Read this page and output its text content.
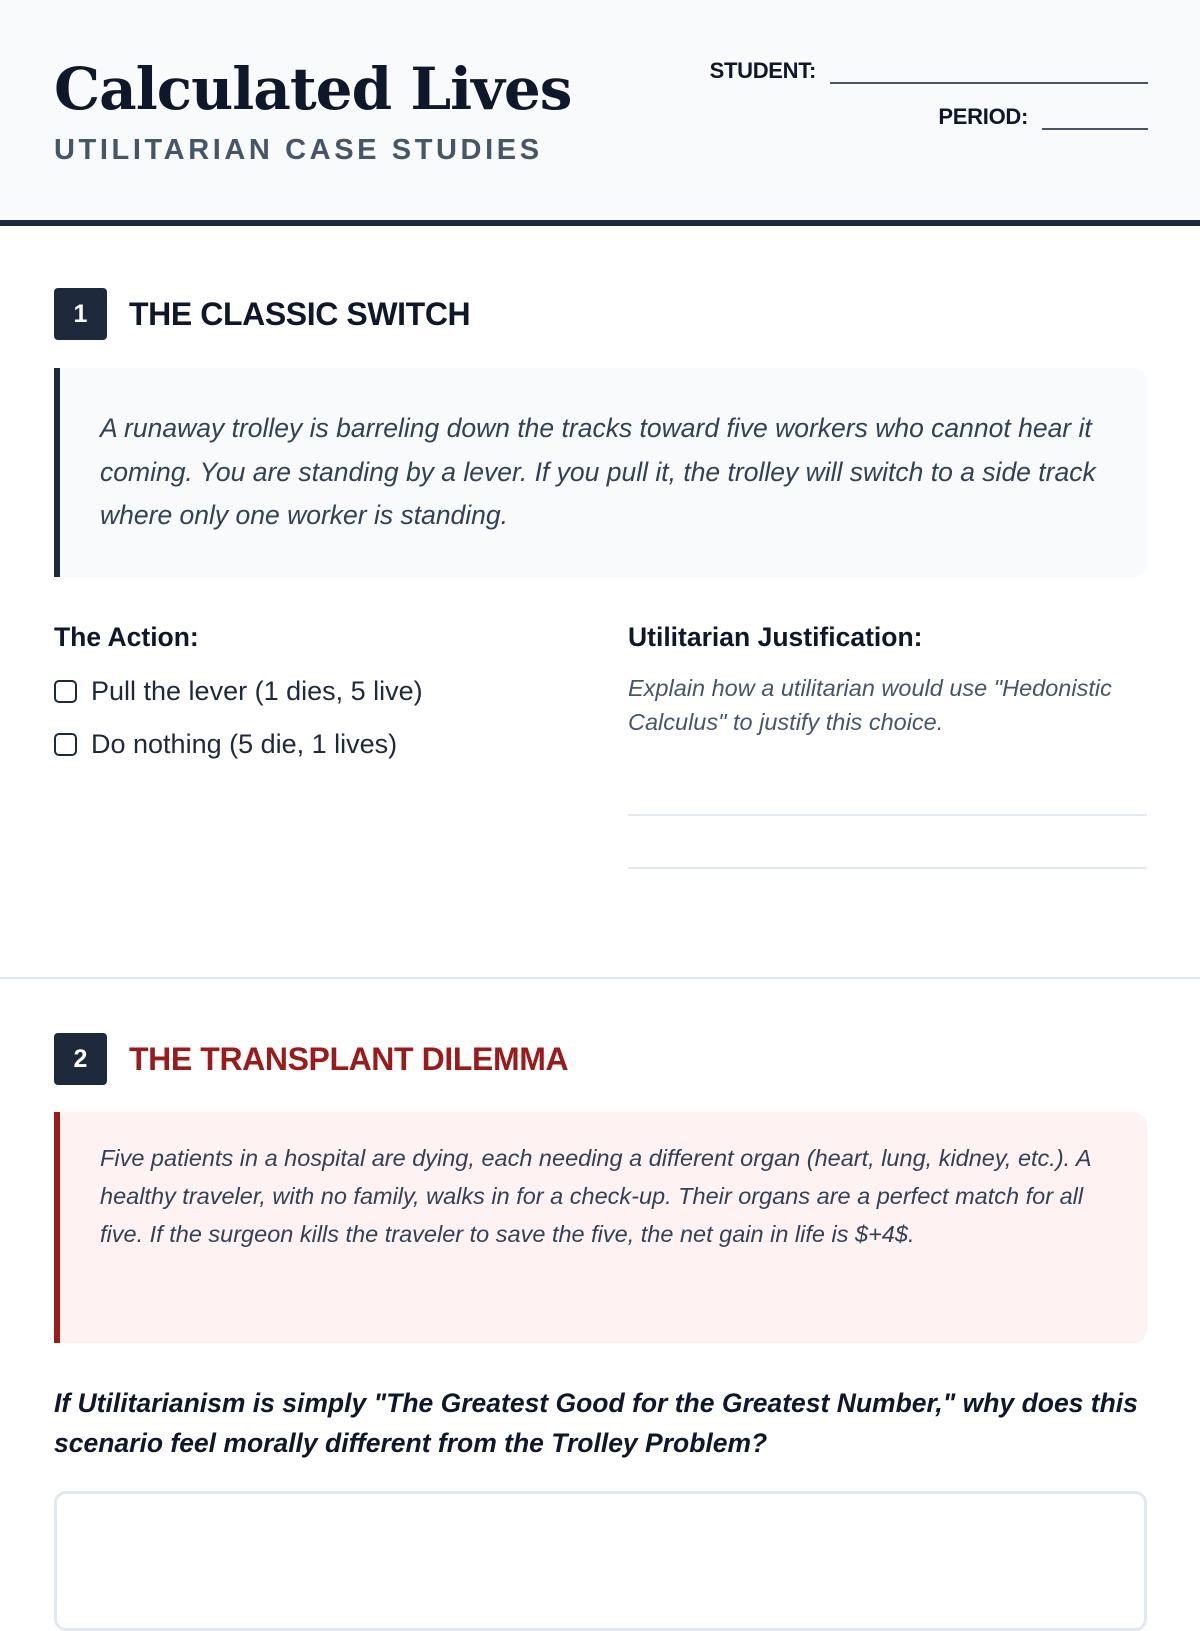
Calculated Lives
UTILITARIAN CASE STUDIES
STUDENT:
PERIOD:
1	THE CLASSIC SWITCH

A runaway trolley is barreling down the tracks toward five workers who cannot hear it coming. You are standing by a lever. If you pull it, the trolley will switch to a side track where only one worker is standing.

The Action:
Pull the lever (1 dies, 5 live)
Do nothing (5 die, 1 lives)
Utilitarian Justification:

Explain how a utilitarian would use "Hedonistic Calculus" to justify this choice.

2	THE TRANSPLANT DILEMMA

Five patients in a hospital are dying, each needing a different organ (heart, lung, kidney, etc.). A healthy traveler, with no family, walks in for a check-up. Their organs are a perfect match for all five. If the surgeon kills the traveler to save the five, the net gain in life is $+4$.

If Utilitarianism is simply "The Greatest Good for the Greatest Number," why does this scenario feel morally different from the Trolley Problem?
